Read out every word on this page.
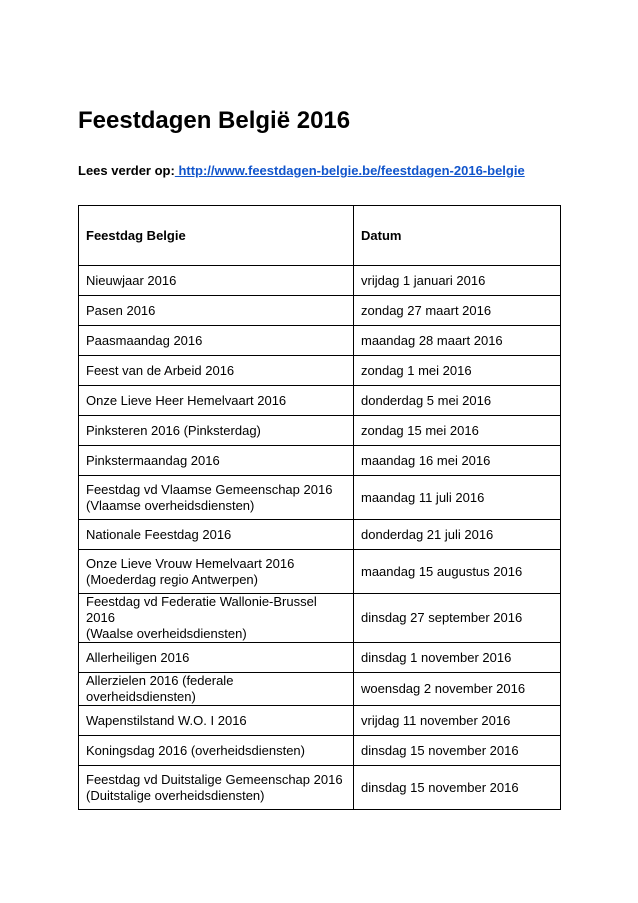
Feestdagen België 2016
Lees verder op: http://www.feestdagen-belgie.be/feestdagen-2016-belgie
Feestdag Belgie	Datum

Nieuwjaar 2016	vrijdag 1 januari 2016

Pasen 2016	zondag 27 maart 2016

Paasmaandag 2016	maandag 28 maart 2016

Feest van de Arbeid 2016	zondag 1 mei 2016

Onze Lieve Heer Hemelvaart 2016	donderdag 5 mei 2016

Pinksteren 2016 (Pinksterdag)	zondag 15 mei 2016

Pinkstermaandag 2016	maandag 16 mei 2016

Feestdag vd Vlaamse Gemeenschap 2016
(Vlaamse overheidsdiensten)	maandag 11 juli 2016

Nationale Feestdag 2016	donderdag 21 juli 2016

Onze Lieve Vrouw Hemelvaart 2016
(Moederdag regio Antwerpen)	maandag 15 augustus 2016

Feestdag vd Federatie Wallonie-Brussel 2016
(Waalse overheidsdiensten)	dinsdag 27 september 2016

Allerheiligen 2016	dinsdag 1 november 2016

Allerzielen 2016 (federale overheidsdiensten)	woensdag 2 november 2016

Wapenstilstand W.O. I 2016	vrijdag 11 november 2016

Koningsdag 2016 (overheidsdiensten)	dinsdag 15 november 2016

Feestdag vd Duitstalige Gemeenschap 2016
(Duitstalige overheidsdiensten)	dinsdag 15 november 2016
